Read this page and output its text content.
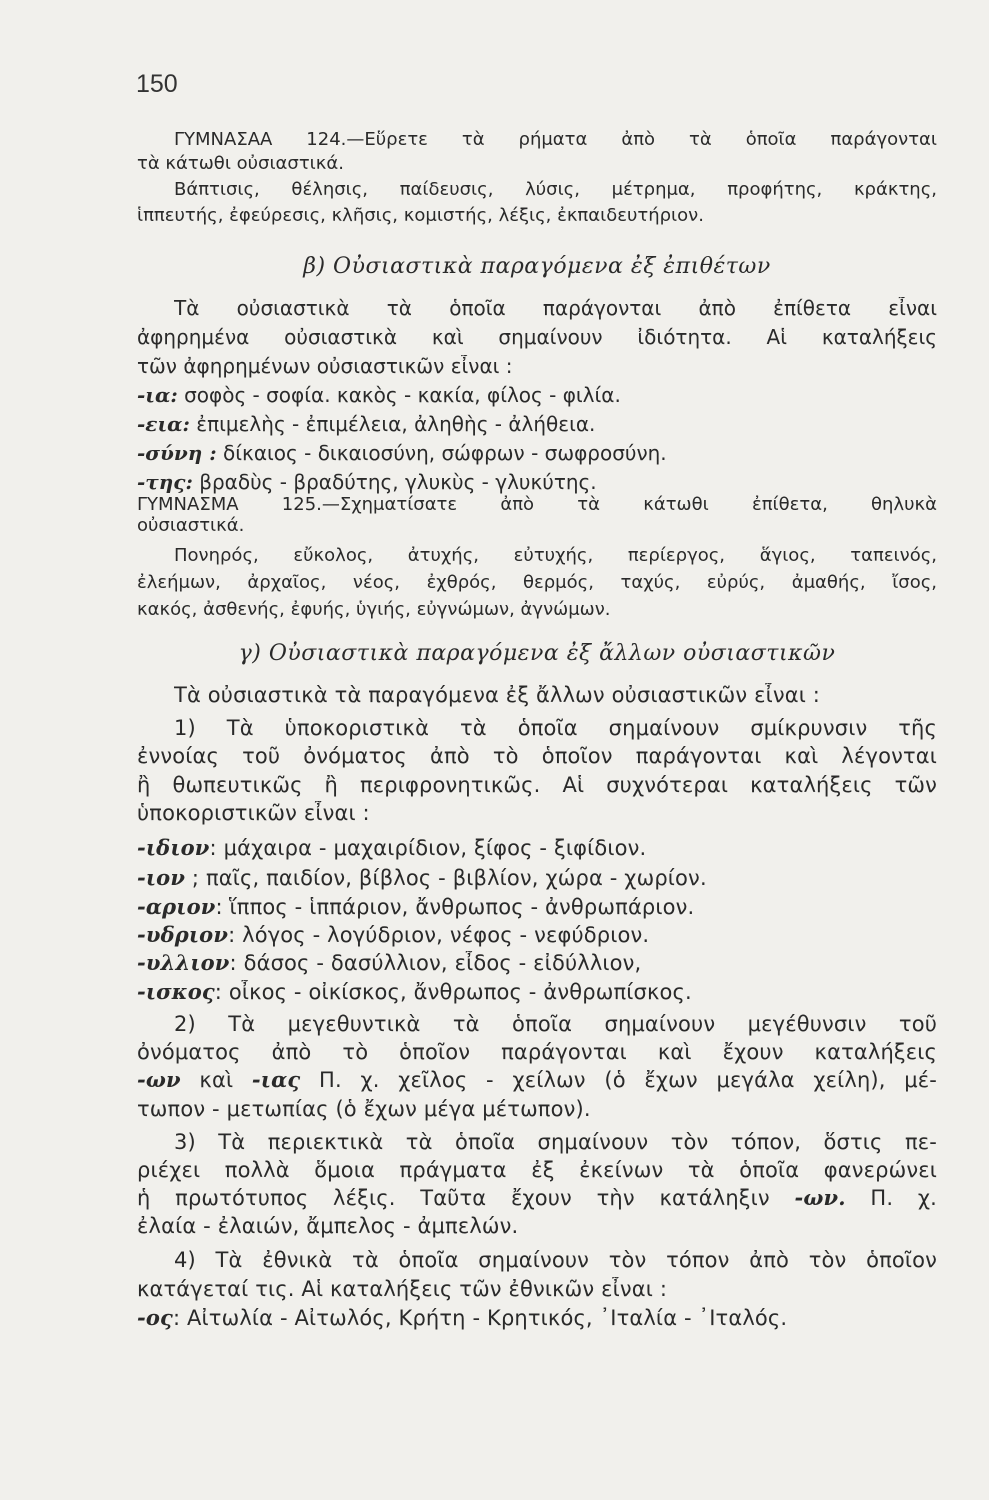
150
ΓΥΜΝΑΣΑΑ 124.—Εὕρετε τὰ ρήματα ἀπὸ τὰ ὁποῖα παράγονται
τὰ κάτωθι οὐσιαστικά.
Βάπτισις, θέλησις, παίδευσις, λύσις, μέτρημα, προφήτης, κράκτης,
ἱππευτής, ἐφεύρεσις, κλῆσις, κομιστής, λέξις, ἐκπαιδευτήριον.
β) Οὐσιαστικὰ παραγόμενα ἐξ ἐπιθέτων
Τὰ οὐσιαστικὰ τὰ ὁποῖα παράγονται ἀπὸ ἐπίθετα εἶναι
ἀφηρημένα οὐσιαστικὰ καὶ σημαίνουν ἰδιότητα. Αἱ καταλήξεις
τῶν ἀφηρημένων οὐσιαστικῶν εἶναι :
-ια: σοφὸς - σοφία. κακὸς - κακία, φίλος - φιλία.
-εια: ἐπιμελὴς - ἐπιμέλεια, ἀληθὴς - ἀλήθεια.
-σύνη : δίκαιος - δικαιοσύνη, σώφρων - σωφροσύνη.
-της: βραδὺς - βραδύτης, γλυκὺς - γλυκύτης.
ΓΥΜΝΑΣΜΑ 125.—Σχηματίσατε ἀπὸ τὰ κάτωθι ἐπίθετα, θηλυκὰ
οὐσιαστικά.
Πονηρός, εὔκολος, ἀτυχής, εὐτυχής, περίεργος, ἅγιος, ταπεινός,
ἐλεήμων, ἀρχαῖος, νέος, ἐχθρός, θερμός, ταχύς, εὐρύς, ἀμαθής, ἴσος,
κακός, ἀσθενής, ἐφυής, ὑγιής, εὐγνώμων, ἀγνώμων.
γ) Οὐσιαστικὰ παραγόμενα ἐξ ἄλλων οὐσιαστικῶν
Τὰ οὐσιαστικὰ τὰ παραγόμενα ἐξ ἄλλων οὐσιαστικῶν εἶναι :
1) Τὰ ὑποκοριστικὰ τὰ ὁποῖα σημαίνουν σμίκρυνσιν τῆς
ἐννοίας τοῦ ὀνόματος ἀπὸ τὸ ὁποῖον παράγονται καὶ λέγονται
ἢ θωπευτικῶς ἢ περιφρονητικῶς. Αἱ συχνότεραι καταλήξεις τῶν
ὑποκοριστικῶν εἶναι :
-ιδιον: μάχαιρα - μαχαιρίδιον, ξίφος - ξιφίδιον.
-ιον ; παῖς, παιδίον, βίβλος - βιβλίον, χώρα - χωρίον.
-αριον: ἵππος - ἱππάριον, ἄνθρωπος - ἀνθρωπάριον.
-υδριον: λόγος - λογύδριον, νέφος - νεφύδριον.
-υλλιον: δάσος - δασύλλιον, εἶδος - εἰδύλλιον,
-ισκος: οἶκος - οἰκίσκος, ἄνθρωπος - ἀνθρωπίσκος.
2) Τὰ μεγεθυντικὰ τὰ ὁποῖα σημαίνουν μεγέθυνσιν τοῦ
ὀνόματος ἀπὸ τὸ ὁποῖον παράγονται καὶ ἔχουν καταλήξεις
-ων καὶ -ιας Π. χ. χεῖλος - χείλων (ὁ ἔχων μεγάλα χείλη), μέ-
τωπον - μετωπίας (ὁ ἔχων μέγα μέτωπον).
3) Τὰ περιεκτικὰ τὰ ὁποῖα σημαίνουν τὸν τόπον, ὅστις πε-
ριέχει πολλὰ ὅμοια πράγματα ἐξ ἐκείνων τὰ ὁποῖα φανερώνει
ἡ πρωτότυπος λέξις. Ταῦτα ἔχουν τὴν κατάληξιν -ων. Π. χ.
ἐλαία - ἐλαιών, ἄμπελος - ἀμπελών.
4) Τὰ ἐθνικὰ τὰ ὁποῖα σημαίνουν τὸν τόπον ἀπὸ τὸν ὁποῖον
κατάγεταί τις. Αἱ καταλήξεις τῶν ἐθνικῶν εἶναι :
-ος: Αἰτωλία - Αἰτωλός, Κρήτη - Κρητικός, ᾿Ιταλία - ᾿Ιταλός.
